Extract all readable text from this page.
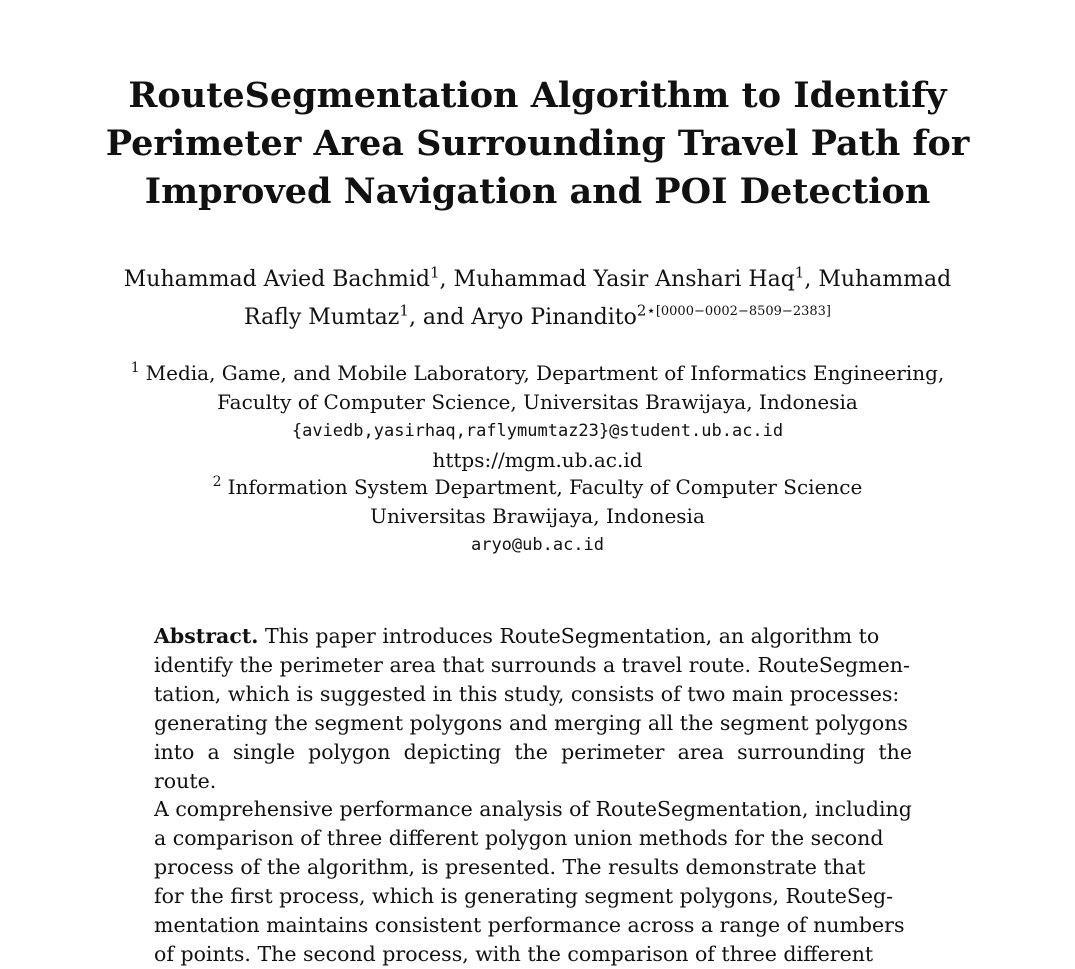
RouteSegmentation Algorithm to Identify
Perimeter Area Surrounding Travel Path for
Improved Navigation and POI Detection
Muhammad Avied Bachmid$^1$, Muhammad Yasir Anshari Haq$^1$, Muhammad
Rafly Mumtaz$^1$, and Aryo Pinandito$^{2⋆[0000-0002-8509-2383]}$
$^1$ Media, Game, and Mobile Laboratory, Department of Informatics Engineering,
Faculty of Computer Science, Universitas Brawijaya, Indonesia
{aviedb,yasirhaq,raflymumtaz23}@student.ub.ac.id
https://mgm.ub.ac.id
$^2$ Information System Department, Faculty of Computer Science
Universitas Brawijaya, Indonesia
aryo@ub.ac.id
Abstract. This paper introduces RouteSegmentation, an algorithm to
identify the perimeter area that surrounds a travel route. RouteSegmen-
tation, which is suggested in this study, consists of two main processes:
generating the segment polygons and merging all the segment polygons
into a single polygon depicting the perimeter area surrounding the route.
A comprehensive performance analysis of RouteSegmentation, including
a comparison of three different polygon union methods for the second
process of the algorithm, is presented. The results demonstrate that
for the first process, which is generating segment polygons, RouteSeg-
mentation maintains consistent performance across a range of numbers
of points. The second process, with the comparison of three different
